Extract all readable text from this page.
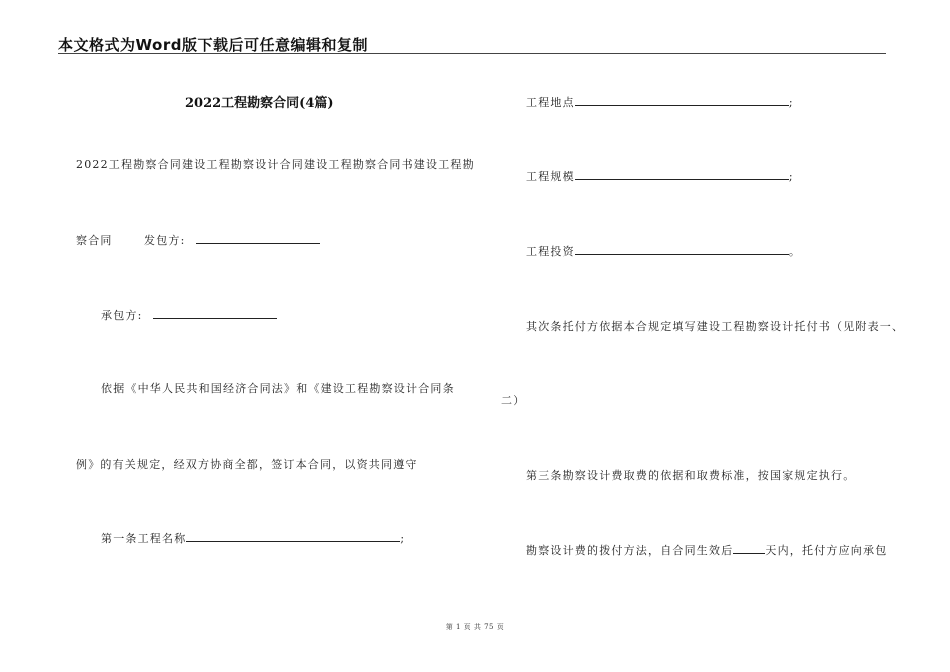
本文格式为Word版下载后可任意编辑和复制
2022工程勘察合同(4篇)
2022工程勘察合同建设工程勘察设计合同建设工程勘察合同书建设工程勘
察合同	发包方:
承包方:
依据《中华人民共和国经济合同法》和《建设工程勘察设计合同条
例》的有关规定，经双方协商全都，签订本合同，以资共同遵守
第一条工程名称	;
工程地点	;
工程规模	;
工程投资	。
其次条托付方依据本合规定填写建设工程勘察设计托付书（见附表一、
二）
第三条勘察设计费取费的依据和取费标准，按国家规定执行。
勘察设计费的拨付方法，自合同生效后	天内，托付方应向承包
第 1 页 共 75 页
